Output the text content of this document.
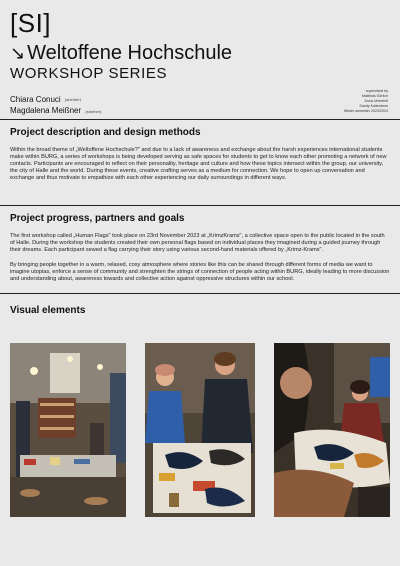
[SI]
↘ Weltoffene Hochschule
WORKSHOP SERIES
Chiara Conuci (she/her)
Magdalena Meißner (she/her)
supervised by
Matthias Görlich
Anna Umbeleti
Sandy Kaltenborn
Winter semester 2023/2024
Project description and design methods
Within the broad theme of „Weltoffene Hochschule?" and due to a lack of awareness and exchange about the harsh experiences international students make within BURG, a series of workshops is being developed serving as safe spaces for students to get to know each other promoting a network of new contacts. Participants are encouraged to reflect on their personality, heritage and culture and how these topics intersect within the group, our university, the city of Halle and the world. During these events, creative crafting serves as a medium for connection. We hope to open up conversation and exchange and thus motivate to empathize with each other experiencing our daily surroundings in different ways.
Project progress, partners and goals
The first workshop called „Human Flags" took place on 23rd November 2023 at „KrimzKrams", a collective space open to the public located in the south of Halle. During the workshop the students created their own personal flags based on individual places they imagined during a guided journey through their dreams. Each participant sewed a flag carrying their story using various second-hand materials offered by „Krimz-Krams".
By bringing people together in a warm, relaxed, cosy atmosphere where stories like this can be shared through different forms of media we want to imagine utopias, enforce a sense of community and strenghten the strings of connection of people acting within BURG, ideally leading to more discussion and understanding about, awareness towards and collective action against oppressive structures within our school.
Visual elements
